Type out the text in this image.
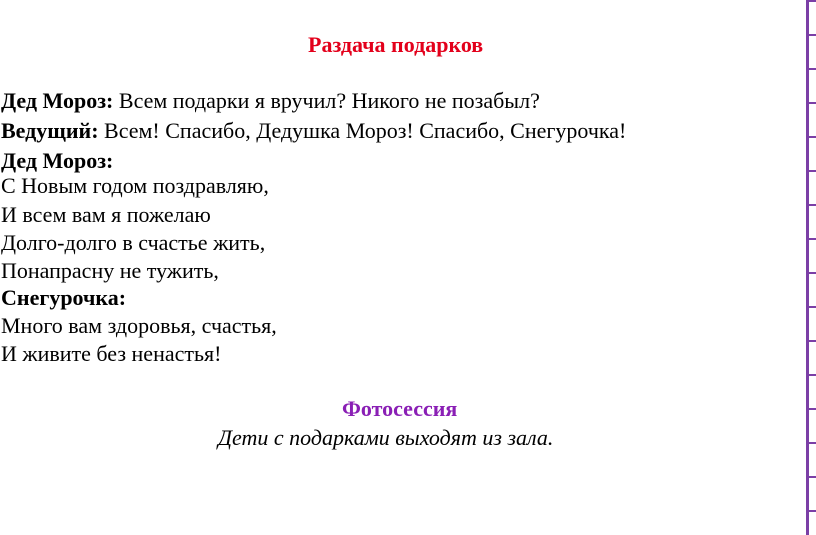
Раздача подарков
Дед Мороз: Всем подарки я вручил? Никого не позабыл?
Ведущий: Всем! Спасибо, Дедушка Мороз! Спасибо, Снегурочка!
Дед Мороз:
С Новым годом поздравляю,
И всем вам я пожелаю
Долго-долго в счастье жить,
Понапрасну не тужить,
Снегурочка:
Много вам здоровья, счастья,
И живите без ненастья!
Фотосессия
Дети с подарками выходят из зала.
